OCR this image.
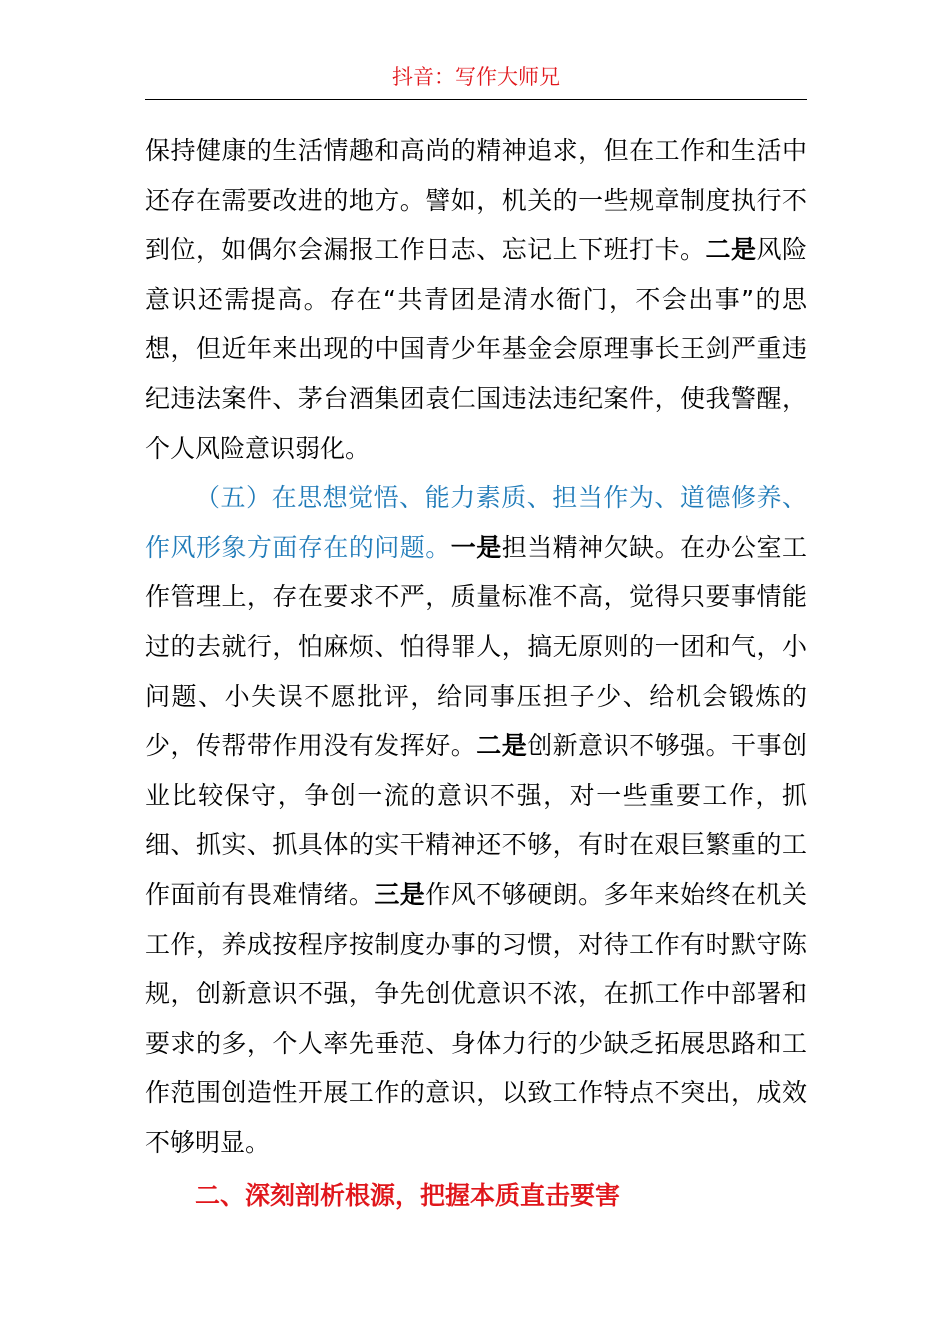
抖音：写作大师兄

保持健康的生活情趣和高尚的精神追求，但在工作和生活中还存在需要改进的地方。譬如，机关的一些规章制度执行不到位，如偶尔会漏报工作日志、忘记上下班打卡。二是风险意识还需提高。存在“共青团是清水衙门，不会出事”的思想，但近年来出现的中国青少年基金会原理事长王剑严重违纪违法案件、茅台酒集团袁仁国违法违纪案件，使我警醒，个人风险意识弱化。

（五）在思想觉悟、能力素质、担当作为、道德修养、作风形象方面存在的问题。一是担当精神欠缺。在办公室工作管理上，存在要求不严，质量标准不高，觉得只要事情能过的去就行，怕麻烦、怕得罪人，搞无原则的一团和气，小问题、小失误不愿批评，给同事压担子少、给机会锻炼的少，传帮带作用没有发挥好。二是创新意识不够强。干事创业比较保守，争创一流的意识不强，对一些重要工作，抓细、抓实、抓具体的实干精神还不够，有时在艰巨繁重的工作面前有畏难情绪。三是作风不够硬朗。多年来始终在机关工作，养成按程序按制度办事的习惯，对待工作有时默守陈规，创新意识不强，争先创优意识不浓，在抓工作中部署和要求的多，个人率先垂范、身体力行的少缺乏拓展思路和工作范围创造性开展工作的意识，以致工作特点不突出，成效不够明显。

二、深刻剖析根源，把握本质直击要害
